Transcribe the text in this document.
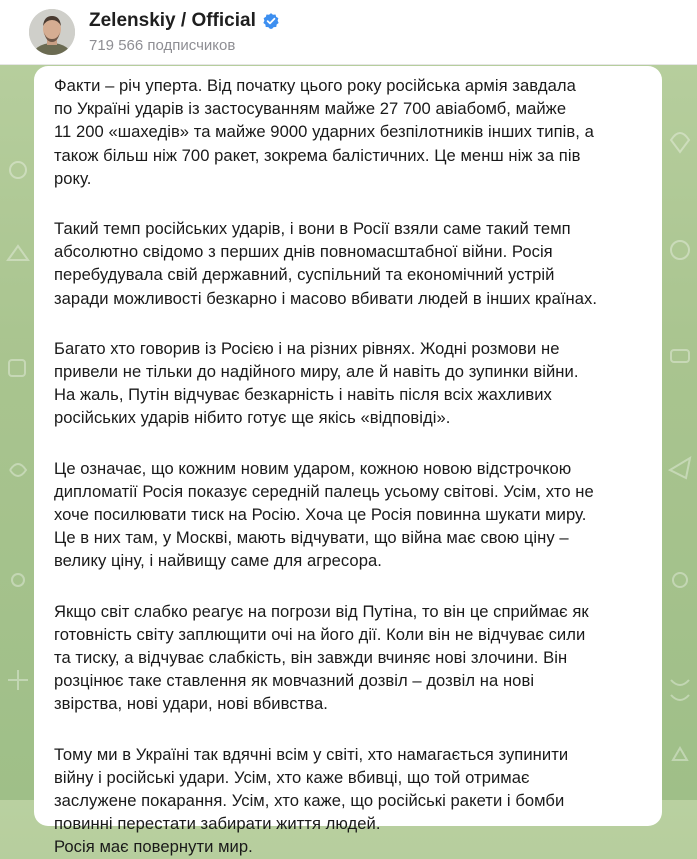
Zelenskiy / Official
719 566 подписчиков

Факти – річ уперта. Від початку цього року російська армія завдала
по Україні ударів із застосуванням майже 27 700 авіабомб, майже
11 200 «шахедів» та майже 9000 ударних безпілотників інших типів, а
також більш ніж 700 ракет, зокрема балістичних. Це менш ніж за пів
року.

Такий темп російських ударів, і вони в Росії взяли саме такий темп
абсолютно свідомо з перших днів повномасштабної війни. Росія
перебудувала свій державний, суспільний та економічний устрій
заради можливості безкарно і масово вбивати людей в інших країнах.

Багато хто говорив із Росією і на різних рівнях. Жодні розмови не
привели не тільки до надійного миру, але й навіть до зупинки війни.
На жаль, Путін відчуває безкарність і навіть після всіх жахливих
російських ударів нібито готує ще якісь «відповіді».

Це означає, що кожним новим ударом, кожною новою відстрочкою
дипломатії Росія показує середній палець усьому світові. Усім, хто не
хоче посилювати тиск на Росію. Хоча це Росія повинна шукати миру.
Це в них там, у Москві, мають відчувати, що війна має свою ціну –
велику ціну, і найвищу саме для агресора.

Якщо світ слабко реагує на погрози від Путіна, то він це сприймає як
готовність світу заплющити очі на його дії. Коли він не відчуває сили
та тиску, а відчуває слабкість, він завжди вчиняє нові злочини. Він
розцінює таке ставлення як мовчазний дозвіл – дозвіл на нові
звірства, нові удари, нові вбивства.

Тому ми в Україні так вдячні всім у світі, хто намагається зупинити
війну і російські удари. Усім, хто каже вбивці, що той отримає
заслужене покарання. Усім, хто каже, що російські ракети і бомби
повинні перестати забирати життя людей.
Росія має повернути мир.
